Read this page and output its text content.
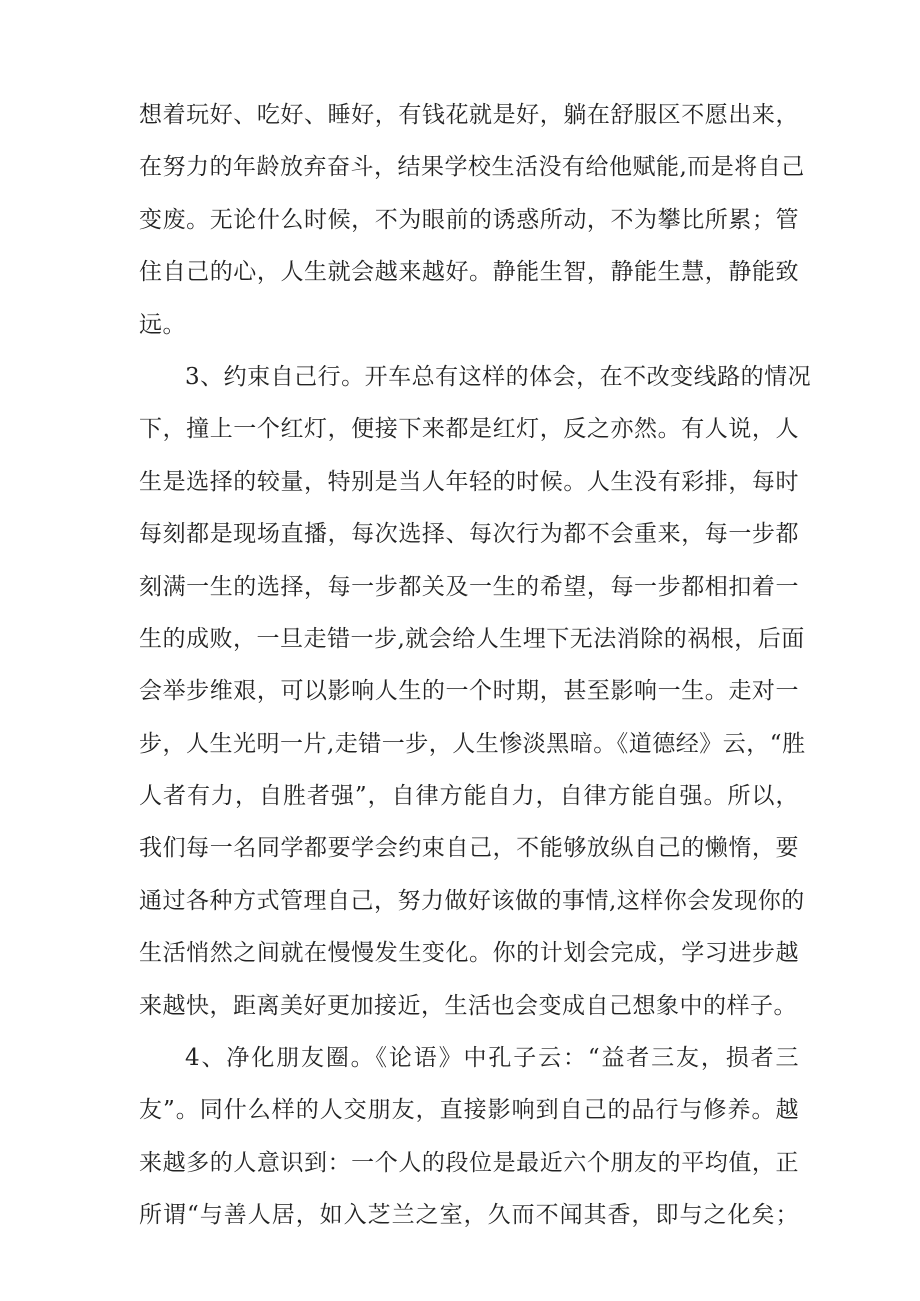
想着玩好、吃好、睡好，有钱花就是好，躺在舒服区不愿出来，
在努力的年龄放弃奋斗，结果学校生活没有给他赋能,而是将自己
变废。无论什么时候，不为眼前的诱惑所动，不为攀比所累；管
住自己的心，人生就会越来越好。静能生智，静能生慧，静能致
远。
3、约束自己行。开车总有这样的体会，在不改变线路的情况
下，撞上一个红灯，便接下来都是红灯，反之亦然。有人说，人
生是选择的较量，特别是当人年轻的时候。人生没有彩排，每时
每刻都是现场直播，每次选择、每次行为都不会重来，每一步都
刻满一生的选择，每一步都关及一生的希望，每一步都相扣着一
生的成败，一旦走错一步,就会给人生埋下无法消除的祸根，后面
会举步维艰，可以影响人生的一个时期，甚至影响一生。走对一
步，人生光明一片,走错一步，人生惨淡黑暗。《道德经》云，“胜
人者有力，自胜者强”，自律方能自力，自律方能自强。所以，
我们每一名同学都要学会约束自己，不能够放纵自己的懒惰，要
通过各种方式管理自己，努力做好该做的事情,这样你会发现你的
生活悄然之间就在慢慢发生变化。你的计划会完成，学习进步越
来越快，距离美好更加接近，生活也会变成自己想象中的样子。
4、净化朋友圈。《论语》中孔子云：“益者三友，损者三
友”。同什么样的人交朋友，直接影响到自己的品行与修养。越
来越多的人意识到：一个人的段位是最近六个朋友的平均值，正
所谓“与善人居，如入芝兰之室，久而不闻其香，即与之化矣；
